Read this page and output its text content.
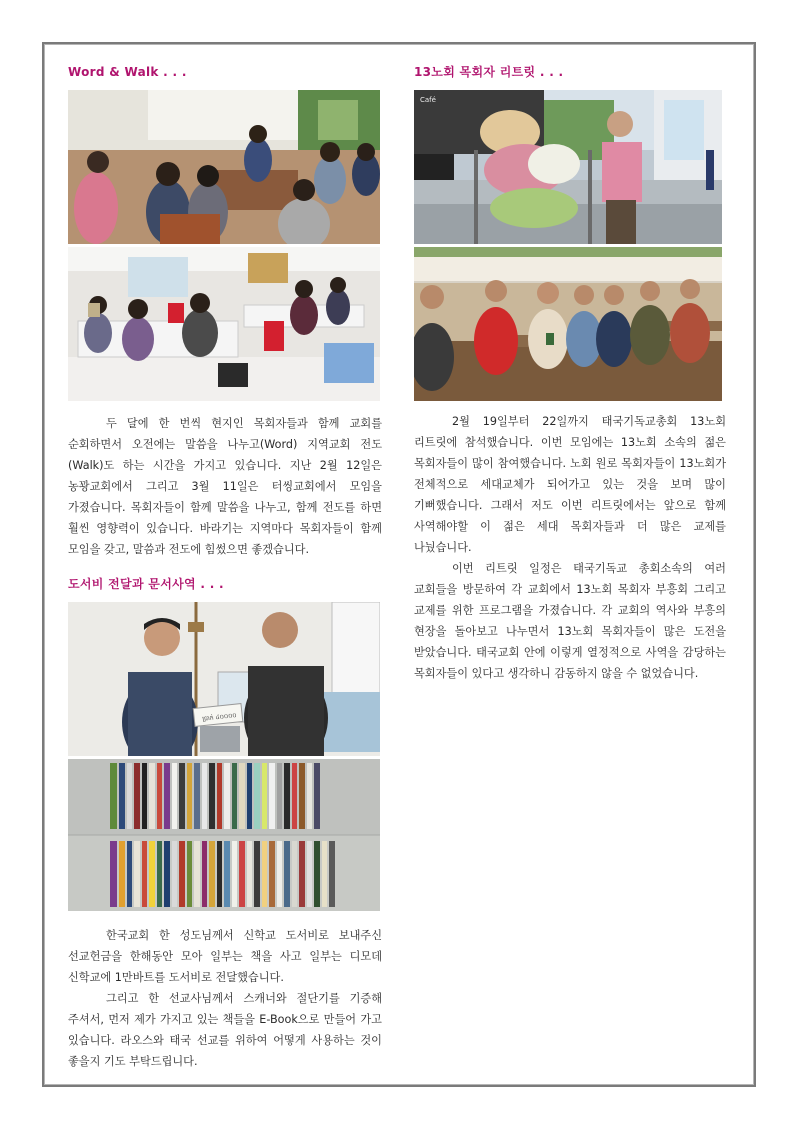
Word & Walk . . .

두 달에 한 번씩 현지인 목회자들과 함께 교회를 순회하면서 오전에는 말씀을 나누고(Word) 지역교회 전도(Walk)도 하는 시간을 가지고 있습니다. 지난 2월 12일은 농꽝교회에서 그리고 3월 11일은 터씽교회에서 모임을 가졌습니다. 목회자들이 함께 말씀을 나누고, 함께 전도를 하면 훨씬 영향력이 있습니다. 바라기는 지역마다 목회자들이 함께 모임을 갖고, 말씀과 전도에 힘썼으면 좋겠습니다.

도서비 전달과 문서사역 . . .
ប្រាក់ ៤០០០០

한국교회 한 성도님께서 신학교 도서비로 보내주신 선교헌금을 한해동안 모아 일부는 책을 사고 일부는 디모데 신학교에 1만바트를 도서비로 전달했습니다.

그리고 한 선교사님께서 스캐너와 절단기를 기증해 주셔서, 먼저 제가 가지고 있는 책들을 E-Book으로 만들어 가고 있습니다. 라오스와 태국 선교를 위하여 어떻게 사용하는 것이 좋을지 기도 부탁드립니다.

13노회 목회자 리트릿 . . .
Café

2월 19일부터 22일까지 태국기독교총회 13노회 리트릿에 참석했습니다. 이번 모임에는 13노회 소속의 젊은 목회자들이 많이 참여했습니다. 노회 원로 목회자들이 13노회가 전체적으로 세대교체가 되어가고 있는 것을 보며 많이 기뻐했습니다. 그래서 저도 이번 리트릿에서는 앞으로 함께 사역해야할 이 젊은 세대 목회자들과 더 많은 교제를 나눴습니다.

이번 리트릿 일정은 태국기독교 총회소속의 여러 교회들을 방문하여 각 교회에서 13노회 목회자 부흥회 그리고 교제를 위한 프로그램을 가졌습니다. 각 교회의 역사와 부흥의 현장을 돌아보고 나누면서 13노회 목회자들이 많은 도전을 받았습니다. 태국교회 안에 이렇게 열정적으로 사역을 감당하는 목회자들이 있다고 생각하니 감동하지 않을 수 없었습니다.
